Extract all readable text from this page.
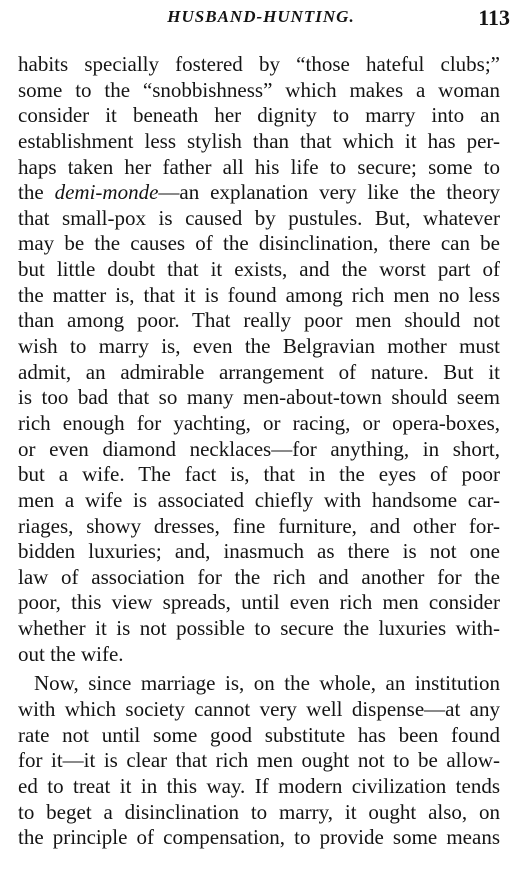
HUSBAND-HUNTING.	113
habits specially fostered by “those hateful clubs;”
some to the “snobbishness” which makes a woman
consider it beneath her dignity to marry into an
establishment less stylish than that which it has per-
haps taken her father all his life to secure; some to
the demi-monde—an explanation very like the theory
that small-pox is caused by pustules. But, whatever
may be the causes of the disinclination, there can be
but little doubt that it exists, and the worst part of
the matter is, that it is found among rich men no less
than among poor. That really poor men should not
wish to marry is, even the Belgravian mother must
admit, an admirable arrangement of nature. But it
is too bad that so many men-about-town should seem
rich enough for yachting, or racing, or opera-boxes,
or even diamond necklaces—for anything, in short,
but a wife. The fact is, that in the eyes of poor
men a wife is associated chiefly with handsome car-
riages, showy dresses, fine furniture, and other for-
bidden luxuries; and, inasmuch as there is not one
law of association for the rich and another for the
poor, this view spreads, until even rich men consider
whether it is not possible to secure the luxuries with-
out the wife.
Now, since marriage is, on the whole, an institution
with which society cannot very well dispense—at any
rate not until some good substitute has been found
for it—it is clear that rich men ought not to be allow-
ed to treat it in this way. If modern civilization tends
to beget a disinclination to marry, it ought also, on
the principle of compensation, to provide some means
